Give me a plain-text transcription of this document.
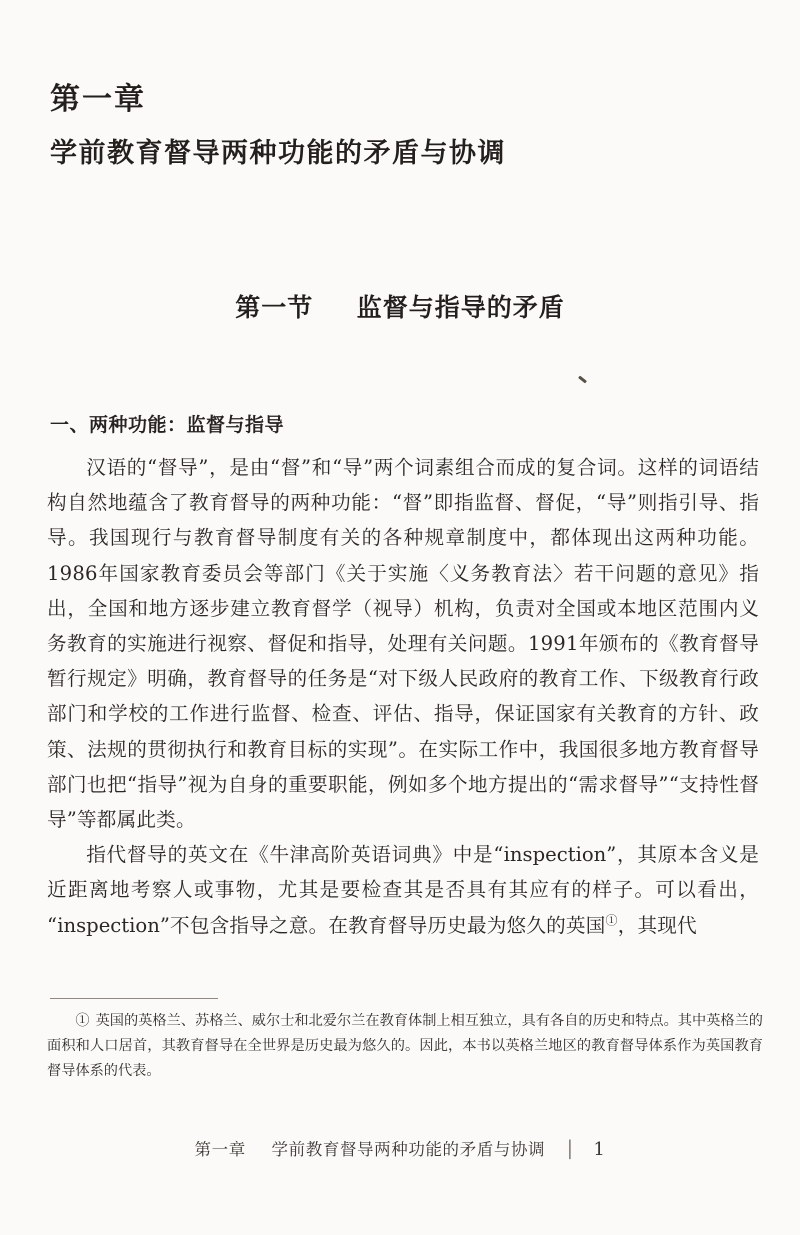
第一章
学前教育督导两种功能的矛盾与协调
第一节 监督与指导的矛盾
一、两种功能：监督与指导

汉语的“督导”，是由“督”和“导”两个词素组合而成的复合词。这样的词语结构自然地蕴含了教育督导的两种功能：“督”即指监督、督促，“导”则指引导、指导。我国现行与教育督导制度有关的各种规章制度中，都体现出这两种功能。1986年国家教育委员会等部门《关于实施〈义务教育法〉若干问题的意见》指出，全国和地方逐步建立教育督学（视导）机构，负责对全国或本地区范围内义务教育的实施进行视察、督促和指导，处理有关问题。1991年颁布的《教育督导暂行规定》明确，教育督导的任务是“对下级人民政府的教育工作、下级教育行政部门和学校的工作进行监督、检查、评估、指导，保证国家有关教育的方针、政策、法规的贯彻执行和教育目标的实现”。在实际工作中，我国很多地方教育督导部门也把“指导”视为自身的重要职能，例如多个地方提出的“需求督导”“支持性督导”等都属此类。

指代督导的英文在《牛津高阶英语词典》中是“inspection”，其原本含义是近距离地考察人或事物，尤其是要检查其是否具有其应有的样子。可以看出，“inspection”不包含指导之意。在教育督导历史最为悠久的英国①，其现代

① 英国的英格兰、苏格兰、威尔士和北爱尔兰在教育体制上相互独立，具有各自的历史和特点。其中英格兰的面积和人口居首，其教育督导在全世界是历史最为悠久的。因此，本书以英格兰地区的教育督导体系作为英国教育督导体系的代表。
第一章 学前教育督导两种功能的矛盾与协调 │ 1
